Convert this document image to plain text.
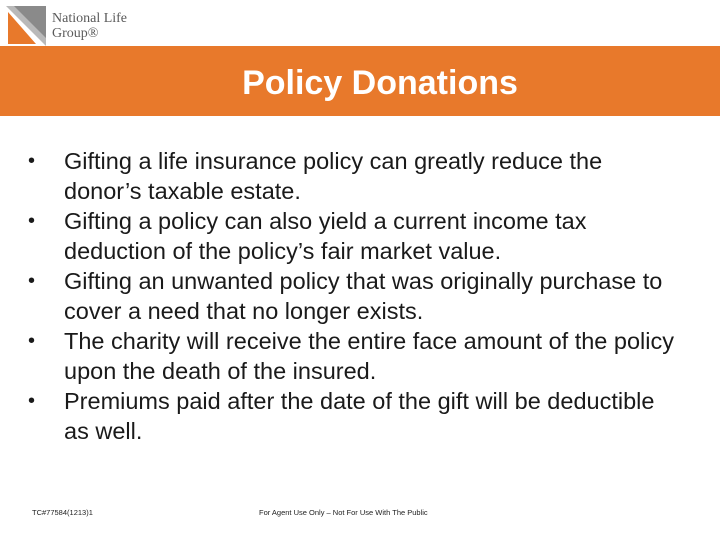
National Life
Group®
Policy Donations
• Gifting a life insurance policy can greatly reduce the donor’s taxable estate.
• Gifting a policy can also yield a current income tax deduction of the policy’s fair market value.
• Gifting an unwanted policy that was originally purchase to cover a need that no longer exists.
• The charity will receive the entire face amount of the policy upon the death of the insured.
• Premiums paid after the date of the gift will be deductible as well.
TC#77584(1213)1	For Agent Use Only – Not For Use With The Public
